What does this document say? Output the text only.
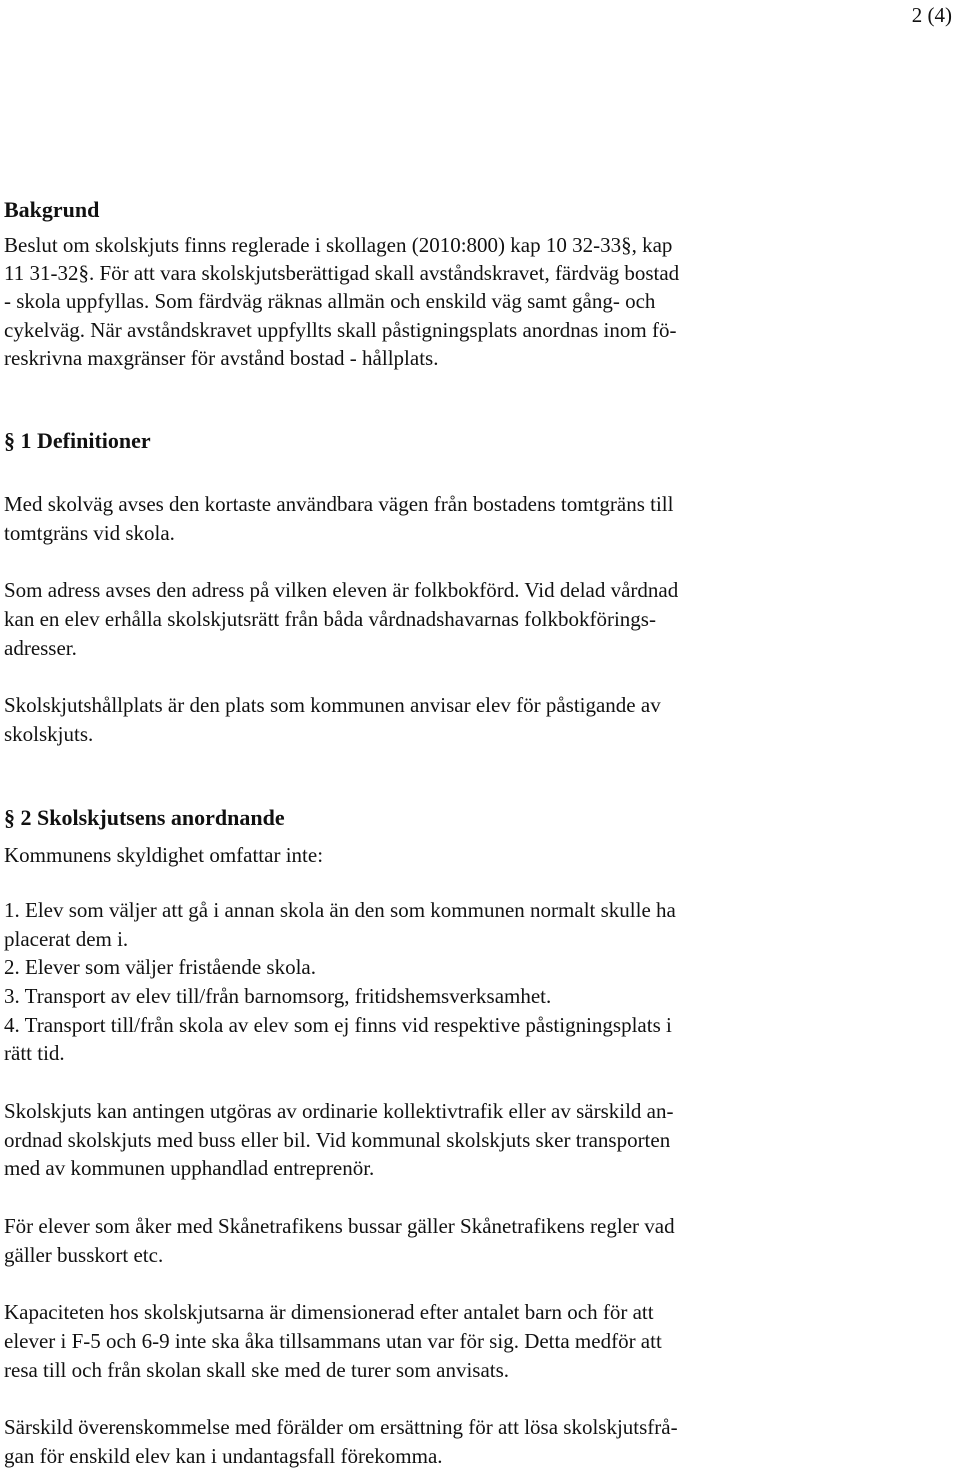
2 (4)
Bakgrund
Beslut om skolskjuts finns reglerade i skollagen (2010:800) kap 10 32-33§, kap
11 31-32§. För att vara skolskjutsberättigad skall avståndskravet, färdväg bostad
- skola uppfyllas. Som färdväg räknas allmän och enskild väg samt gång- och
cykelväg. När avståndskravet uppfyllts skall påstigningsplats anordnas inom fö-
reskrivna maxgränser för avstånd bostad - hållplats.
§ 1 Definitioner
Med skolväg avses den kortaste användbara vägen från bostadens tomtgräns till
tomtgräns vid skola.
Som adress avses den adress på vilken eleven är folkbokförd. Vid delad vårdnad
kan en elev erhålla skolskjutsrätt från båda vårdnadshavarnas folkbokförings-
adresser.
Skolskjutshållplats är den plats som kommunen anvisar elev för påstigande av
skolskjuts.
§ 2 Skolskjutsens anordnande
Kommunens skyldighet omfattar inte:
1. Elev som väljer att gå i annan skola än den som kommunen normalt skulle ha
placerat dem i.
2. Elever som väljer fristående skola.
3. Transport av elev till/från barnomsorg, fritidshemsverksamhet.
4. Transport till/från skola av elev som ej finns vid respektive påstigningsplats i
rätt tid.
Skolskjuts kan antingen utgöras av ordinarie kollektivtrafik eller av särskild an-
ordnad skolskjuts med buss eller bil. Vid kommunal skolskjuts sker transporten
med av kommunen upphandlad entreprenör.
För elever som åker med Skånetrafikens bussar gäller Skånetrafikens regler vad
gäller busskort etc.
Kapaciteten hos skolskjutsarna är dimensionerad efter antalet barn och för att
elever i F-5 och 6-9 inte ska åka tillsammans utan var för sig. Detta medför att
resa till och från skolan skall ske med de turer som anvisats.
Särskild överenskommelse med förälder om ersättning för att lösa skolskjutsfrå-
gan för enskild elev kan i undantagsfall förekomma.
